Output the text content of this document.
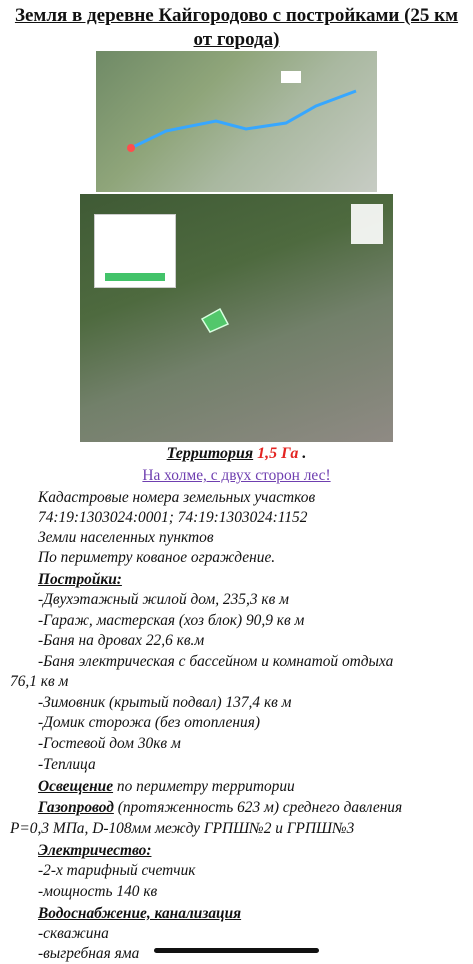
Земля в деревне Кайгородово с постройками (25 км от города)
Территория 1,5 Га .
На холме, с двух сторон лес!
Кадастровые номера земельных участков
74:19:1303024:0001; 74:19:1303024:1152
Земли населенных пунктов
По периметру кованое ограждение.
Постройки:
-Двухэтажный жилой дом, 235,3 кв м
-Гараж, мастерская (хоз блок) 90,9 кв м
-Баня на дровах 22,6 кв.м
-Баня электрическая с бассейном и комнатой отдыха
76,1 кв м
-Зимовник (крытый подвал) 137,4 кв м
-Домик сторожа (без отопления)
-Гостевой дом 30кв м
-Теплица
Освещение по периметру территории
Газопровод (протяженность 623 м) среднего давления
P=0,3 МПа, D-108мм между ГРПШ№2 и ГРПШ№3
Электричество:
-2-х тарифный счетчик
-мощность 140 кв
Водоснабжение, канализация
-скважина
-выгребная яма
